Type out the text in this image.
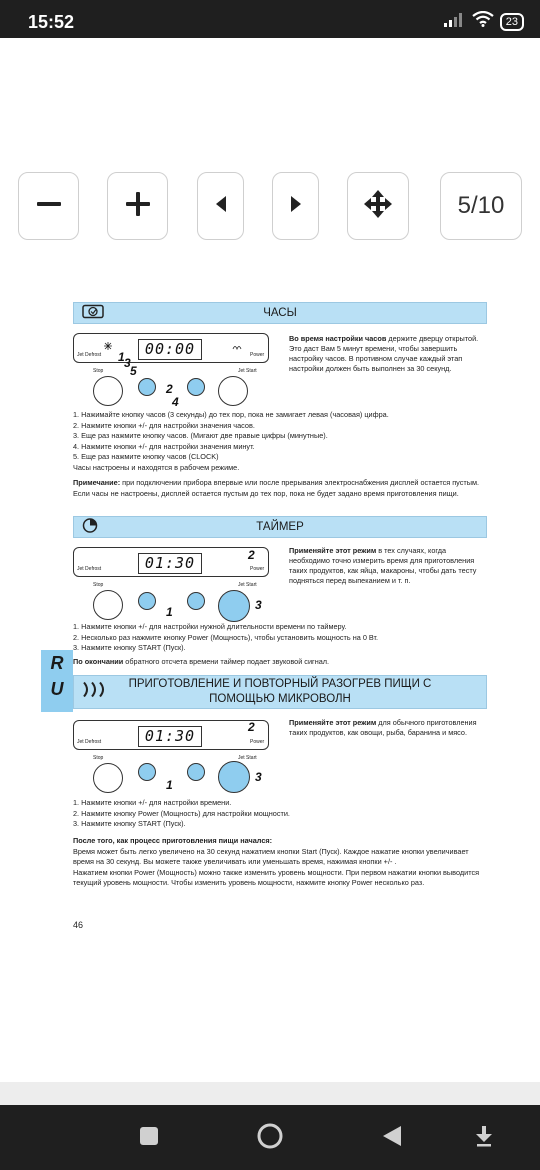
15:52	23
5/10
ЧАСЫ
Jet Defrost	Power
00:00
Stop	Jet Start
1 3
5
2
4
Во время настройки часов держите дверцу открытой. Это даст Вам 5 минут времени, чтобы завершить настройку часов. В противном случае каждый этап настройки должен быть выполнен за 30 секунд.

1. Нажимайте кнопку часов (3 секунды) до тех пор, пока не замигает левая (часовая) цифра.

2. Нажмите кнопки +/- для настройки значения часов.

3. Еще раз нажмите кнопку часов. (Мигают две правые цифры (минутные).

4. Нажмите кнопки +/- для настройки значения минут.

5. Еще раз нажмите кнопку часов (CLOCK)

Часы настроены и находятся в рабочем режиме.

Примечание: при подключении прибора впервые или после прерывания электроснабжения дисплей остается пустым. Если часы не настроены, дисплей остается пустым до тех пор, пока не будет задано время приготовления пищи.
ТАЙМЕР
Jet Defrost	Power
01:30
Stop	Jet Start
2
1	3
Применяйте этот режим в тех случаях, когда необходимо точно измерить время для приготовления таких продуктов, как яйца, макароны, чтобы дать тесту подняться перед выпеканием и т. п.

1. Нажмите кнопки +/- для настройки нужной длительности времени по таймеру.

2. Несколько раз нажмите кнопку Power (Мощность), чтобы установить мощность на 0 Вт.

3. Нажмите кнопку START (Пуск).

По окончании обратного отсчета времени таймер подает звуковой сигнал.
R
U	ПРИГОТОВЛЕНИЕ И ПОВТОРНЫЙ РАЗОГРЕВ ПИЩИ С
ПОМОЩЬЮ МИКРОВОЛН
Jet Defrost	Power
01:30
Stop	Jet Start
2
1
3
Применяйте этот режим для обычного приготовления таких продуктов, как овощи, рыба, баранина и мясо.

1. Нажмите кнопки +/- для настройки времени.

2. Нажмите кнопку Power (Мощность) для настройки мощности.

3. Нажмите кнопку START (Пуск).

После того, как процесс приготовления пищи начался:

Время может быть легко увеличено на 30 секунд нажатием кнопки Start (Пуск). Каждое нажатие кнопки увеличивает время на 30 секунд. Вы можете также увеличивать или уменьшать время, нажимая кнопки +/- .

Нажатием кнопки Power (Мощность) можно также изменить уровень мощности. При первом нажатии кнопки выводится текущий уровень мощности. Чтобы изменить уровень мощности, нажмите кнопку Power несколько раз.

46
